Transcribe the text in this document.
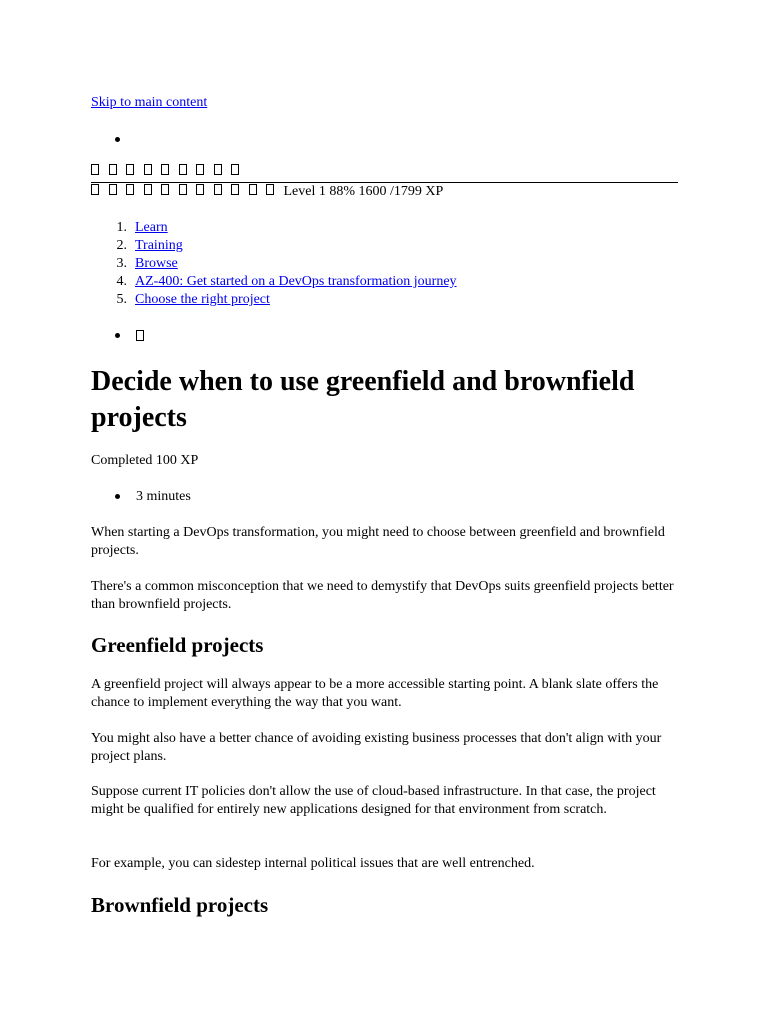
Skip to main content
Level 1 88% 1600 /1799 XP
1. Learn
2. Training
3. Browse
4. AZ-400: Get started on a DevOps transformation journey
5. Choose the right project
Decide when to use greenfield and brownfield projects
Completed 100 XP
3 minutes

When starting a DevOps transformation, you might need to choose between greenfield and brownfield projects.

There's a common misconception that we need to demystify that DevOps suits greenfield projects better than brownfield projects.

Greenfield projects

A greenfield project will always appear to be a more accessible starting point. A blank slate offers the chance to implement everything the way that you want.

You might also have a better chance of avoiding existing business processes that don't align with your project plans.

Suppose current IT policies don't allow the use of cloud-based infrastructure. In that case, the project might be qualified for entirely new applications designed for that environment from scratch.

For example, you can sidestep internal political issues that are well entrenched.

Brownfield projects
